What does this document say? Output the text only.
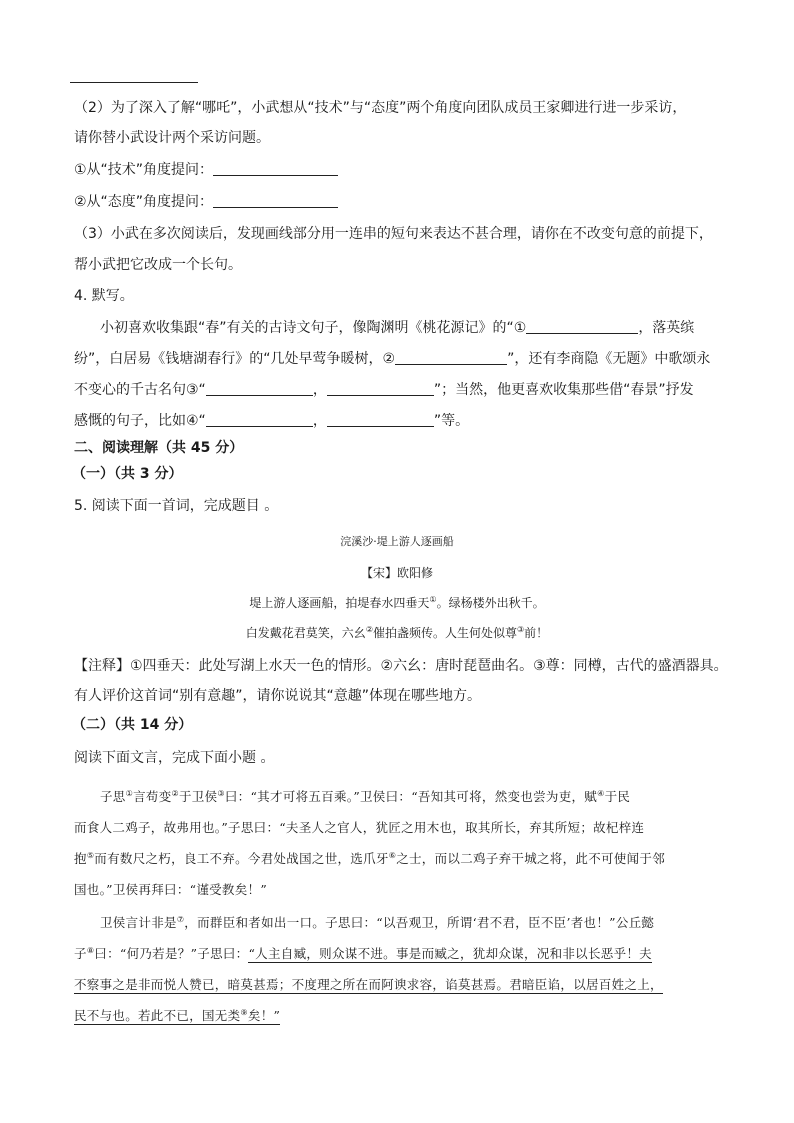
（2）为了深入了解“哪吒”，小武想从“技术”与“态度”两个角度向团队成员王家卿进行进一步采访，
请你替小武设计两个采访问题。
①从“技术”角度提问：
②从“态度”角度提问：
（3）小武在多次阅读后，发现画线部分用一连串的短句来表达不甚合理，请你在不改变句意的前提下，
帮小武把它改成一个长句。
4. 默写。
小初喜欢收集跟“春”有关的古诗文句子，像陶渊明《桃花源记》的“①	，落英缤
纷”，白居易《钱塘湖春行》的“几处早莺争暖树，②	”，还有李商隐《无题》中歌颂永
不变心的千古名句③“	，	”；当然，他更喜欢收集那些借“春景”抒发
感慨的句子，比如④“	，	”等。
二、阅读理解（共 45 分）
（一）（共 3 分）
5. 阅读下面一首词，完成题目 。
浣溪沙·堤上游人逐画船
【宋】欧阳修
堤上游人逐画船，拍堤春水四垂天①。绿杨楼外出秋千。
白发戴花君莫笑，六幺②催拍盏频传。人生何处似尊③前！
【注释】①四垂天：此处写湖上水天一色的情形。②六幺：唐时琵琶曲名。③尊：同樽，古代的盛酒器具。
有人评价这首词“别有意趣”，请你说说其“意趣”体现在哪些地方。
（二）（共 14 分）
阅读下面文言，完成下面小题 。
子思①言苟变②于卫侯③曰：“其才可将五百乘。”卫侯曰：“吾知其可将，然变也尝为吏，赋④于民
而食人二鸡子，故弗用也。”子思曰：“夫圣人之官人，犹匠之用木也，取其所长，弃其所短；故杞梓连
抱⑤而有数尺之朽，良工不弃。今君处战国之世，选爪牙⑥之士，而以二鸡子弃干城之将，此不可使闻于邻
国也。”卫侯再拜曰：“谨受教矣！”
卫侯言计非是⑦，而群臣和者如出一口。子思曰：“以吾观卫，所谓‘君不君，臣不臣’者也！”公丘懿
子⑧曰：“何乃若是？”子思曰：“人主自臧，则众谋不进。事是而臧之，犹却众谋，况和非以长恶乎！夫
不察事之是非而悦人赞已，暗莫甚焉；不度理之所在而阿谀求容，谄莫甚焉。君暗臣谄，以居百姓之上，
民不与也。若此不已，国无类⑨矣！”
